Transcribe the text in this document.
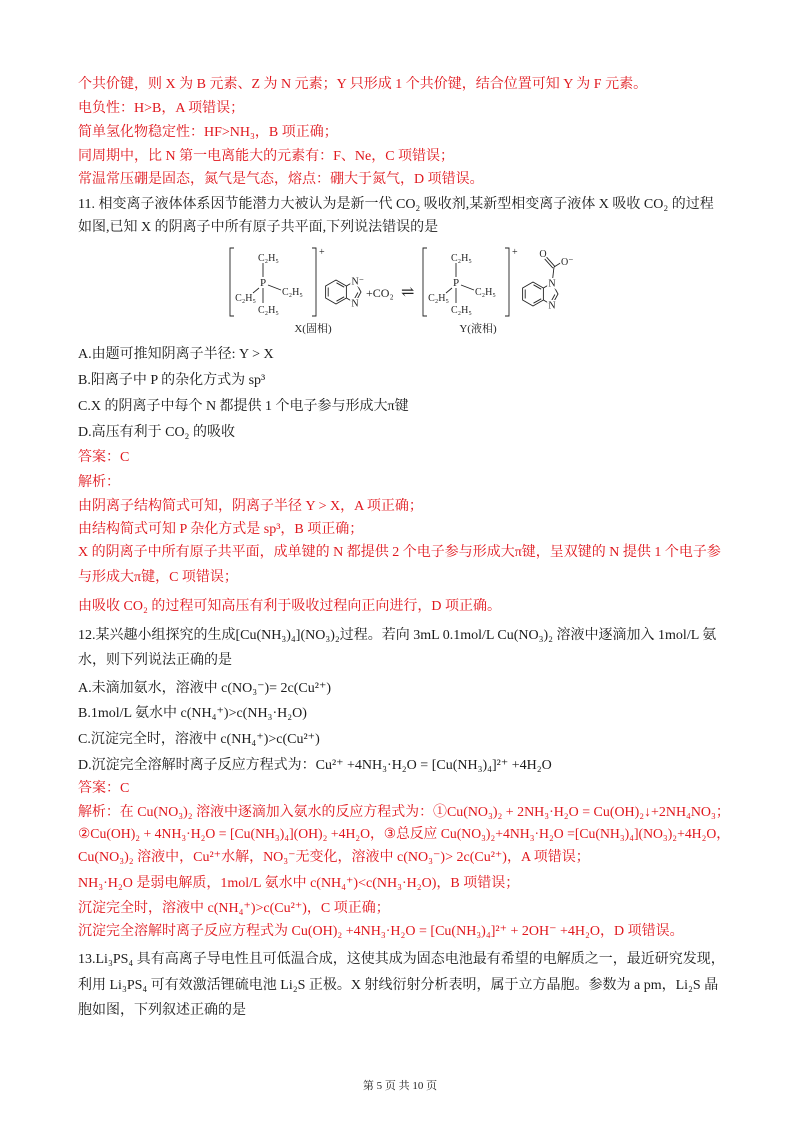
个共价键，则 X 为 B 元素、Z 为 N 元素；Y 只形成 1 个共价键，结合位置可知 Y 为 F 元素。
电负性：H>B，A 项错误；
简单氢化物稳定性：HF>NH₃，B 项正确；
同周期中，比 N 第一电离能大的元素有：F、Ne，C 项错误；
常温常压硼是固态，氮气是气态，熔点：硼大于氮气，D 项错误。
11. 相变离子液体体系因节能潜力大被认为是新一代 CO₂ 吸收剂,某新型相变离子液体 X 吸收 CO₂ 的过程
如图,已知 X 的阴离子中所有原子共平面,下列说法错误的是
+
P
C₂H₅
C₂H₅
C₂H₅
C₂H₅
N⁻
N
+CO₂ ⇌
+
P
C₂H₅
C₂H₅
C₂H₅
C₂H₅
N
N
O
O⁻
X(固相)	Y(液相)
A.由题可推知阴离子半径: Y > X
B.阳离子中 P 的杂化方式为 sp³
C.X 的阴离子中每个 N 都提供 1 个电子参与形成大π键
D.高压有利于 CO₂ 的吸收
答案：C
解析：
由阴离子结构简式可知，阴离子半径 Y > X，A 项正确；
由结构简式可知 P 杂化方式是 sp³，B 项正确；
X 的阴离子中所有原子共平面，成单键的 N 都提供 2 个电子参与形成大π键，呈双键的 N 提供 1 个电子参
与形成大π键，C 项错误；
由吸收 CO₂ 的过程可知高压有利于吸收过程向正向进行，D 项正确。
12.某兴趣小组探究的生成[Cu(NH₃)₄](NO₃)₂过程。若向 3mL 0.1mol/L Cu(NO₃)₂ 溶液中逐滴加入 1mol/L 氨
水，则下列说法正确的是
A.未滴加氨水，溶液中 c(NO₃⁻)= 2c(Cu²⁺)
B.1mol/L 氨水中 c(NH₄⁺)>c(NH₃·H₂O)
C.沉淀完全时，溶液中 c(NH₄⁺)>c(Cu²⁺)
D.沉淀完全溶解时离子反应方程式为：Cu²⁺ +4NH₃·H₂O = [Cu(NH₃)₄]²⁺ +4H₂O
答案：C
解析：在 Cu(NO₃)₂ 溶液中逐滴加入氨水的反应方程式为：①Cu(NO₃)₂ + 2NH₃·H₂O = Cu(OH)₂↓+2NH₄NO₃；
②Cu(OH)₂ + 4NH₃·H₂O = [Cu(NH₃)₄](OH)₂ +4H₂O，③总反应 Cu(NO₃)₂+4NH₃·H₂O =[Cu(NH₃)₄](NO₃)₂+4H₂O，
Cu(NO₃)₂ 溶液中，Cu²⁺水解，NO₃⁻无变化，溶液中 c(NO₃⁻)> 2c(Cu²⁺)，A 项错误；
NH₃·H₂O 是弱电解质，1mol/L 氨水中 c(NH₄⁺)<c(NH₃·H₂O)，B 项错误；
沉淀完全时，溶液中 c(NH₄⁺)>c(Cu²⁺)，C 项正确；
沉淀完全溶解时离子反应方程式为 Cu(OH)₂ +4NH₃·H₂O = [Cu(NH₃)₄]²⁺ + 2OH⁻ +4H₂O，D 项错误。
13.Li₃PS₄ 具有高离子导电性且可低温合成，这使其成为固态电池最有希望的电解质之一，最近研究发现，
利用 Li₃PS₄ 可有效激活锂硫电池 Li₂S 正极。X 射线衍射分析表明，属于立方晶胞。参数为 a pm，Li₂S 晶
胞如图，下列叙述正确的是
第 5 页 共 10 页
